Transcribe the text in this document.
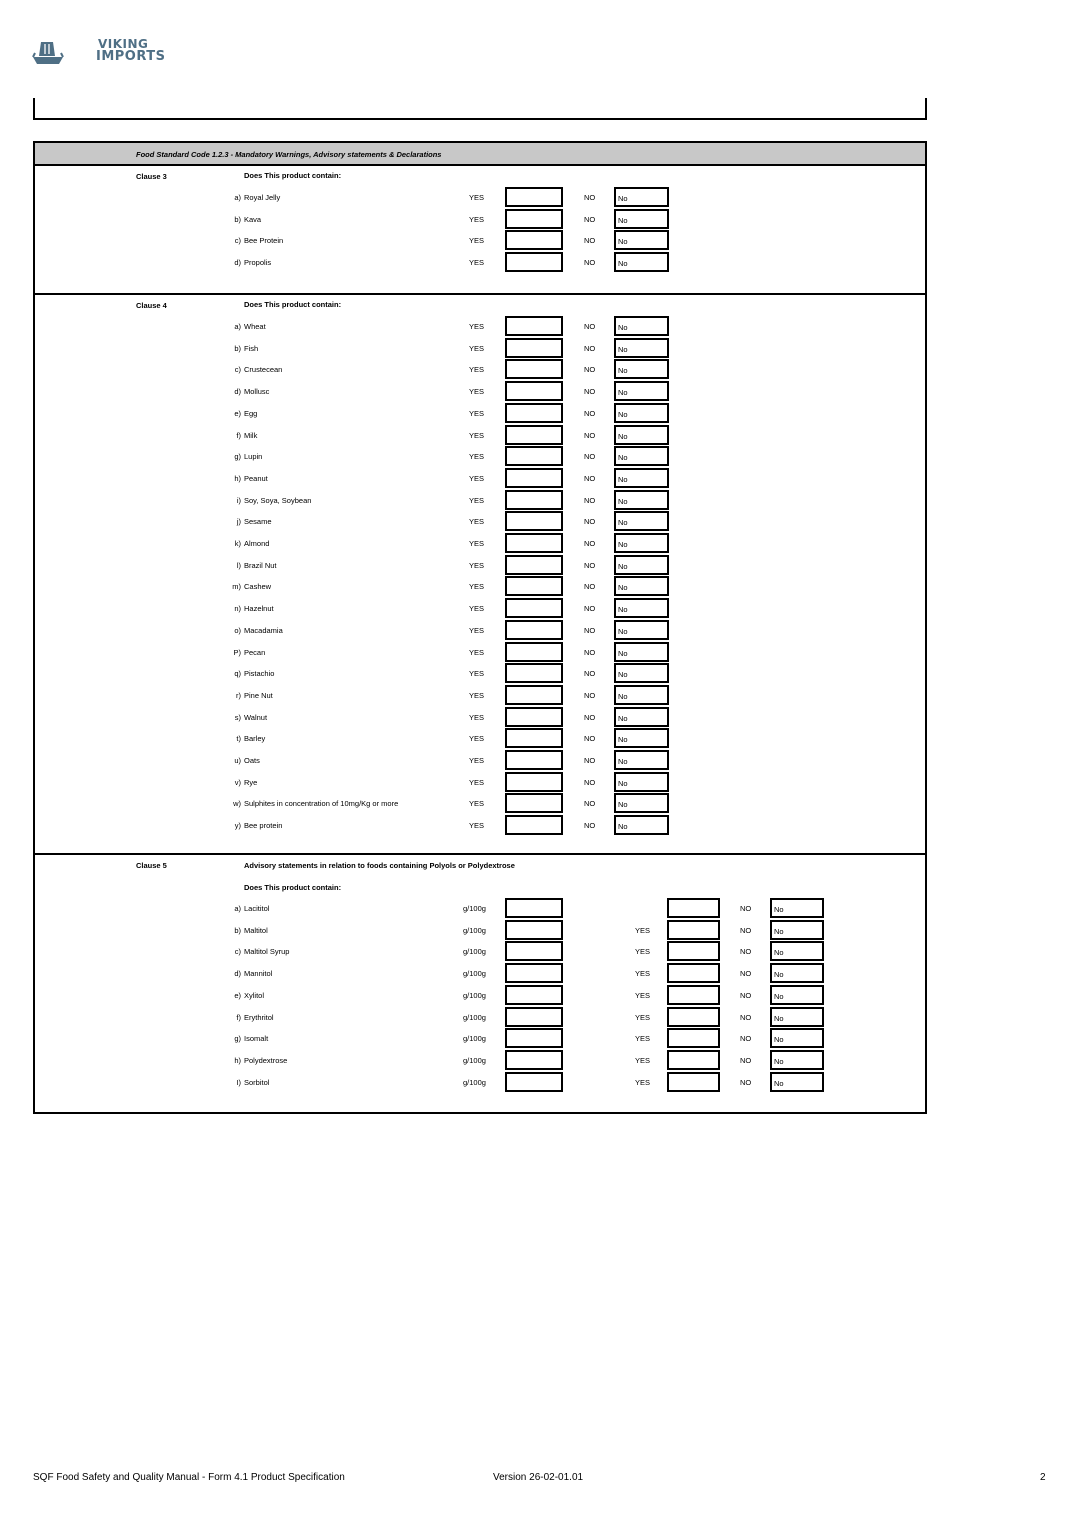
VIKING
IMPORTS
Food Standard Code 1.2.3 - Mandatory Warnings, Advisory statements & Declarations
Clause 3	Does This product contain:
a) Royal Jelly	YES	NO	No
b) Kava	YES	NO	No
c) Bee Protein	YES	NO	No
d) Propolis	YES	NO	No
Clause 4	Does This product contain:
a) Wheat	YES	NO	No
b) Fish	YES	NO	No
c) Crustecean	YES	NO	No
d) Mollusc	YES	NO	No
e) Egg	YES	NO	No
f) Milk	YES	NO	No
g) Lupin	YES	NO	No
h) Peanut	YES	NO	No
i) Soy, Soya, Soybean	YES	NO	No
j) Sesame	YES	NO	No
k) Almond	YES	NO	No
l) Brazil Nut	YES	NO	No
m) Cashew	YES	NO	No
n) Hazelnut	YES	NO	No
o) Macadamia	YES	NO	No
P) Pecan	YES	NO	No
q) Pistachio	YES	NO	No
r) Pine Nut	YES	NO	No
s) Walnut	YES	NO	No
t) Barley	YES	NO	No
u) Oats	YES	NO	No
v) Rye	YES	NO	No
w) Sulphites in concentration of 10mg/Kg or more	YES	NO	No
y) Bee protein	YES	NO	No
Clause 5	Advisory statements in relation to foods containing Polyols or Polydextrose
Does This product contain:
a) Lacititol	g/100g	NO	No
b) Maltitol	g/100g	YES	NO	No
c) Maltitol Syrup	g/100g	YES	NO	No
d) Mannitol	g/100g	YES	NO	No
e) Xylitol	g/100g	YES	NO	No
f) Erythritol	g/100g	YES	NO	No
g) Isomalt	g/100g	YES	NO	No
h) Polydextrose	g/100g	YES	NO	No
I) Sorbitol	g/100g	YES	NO	No
SQF Food Safety and Quality Manual - Form 4.1 Product Specification	Version 26-02-01.01	2
